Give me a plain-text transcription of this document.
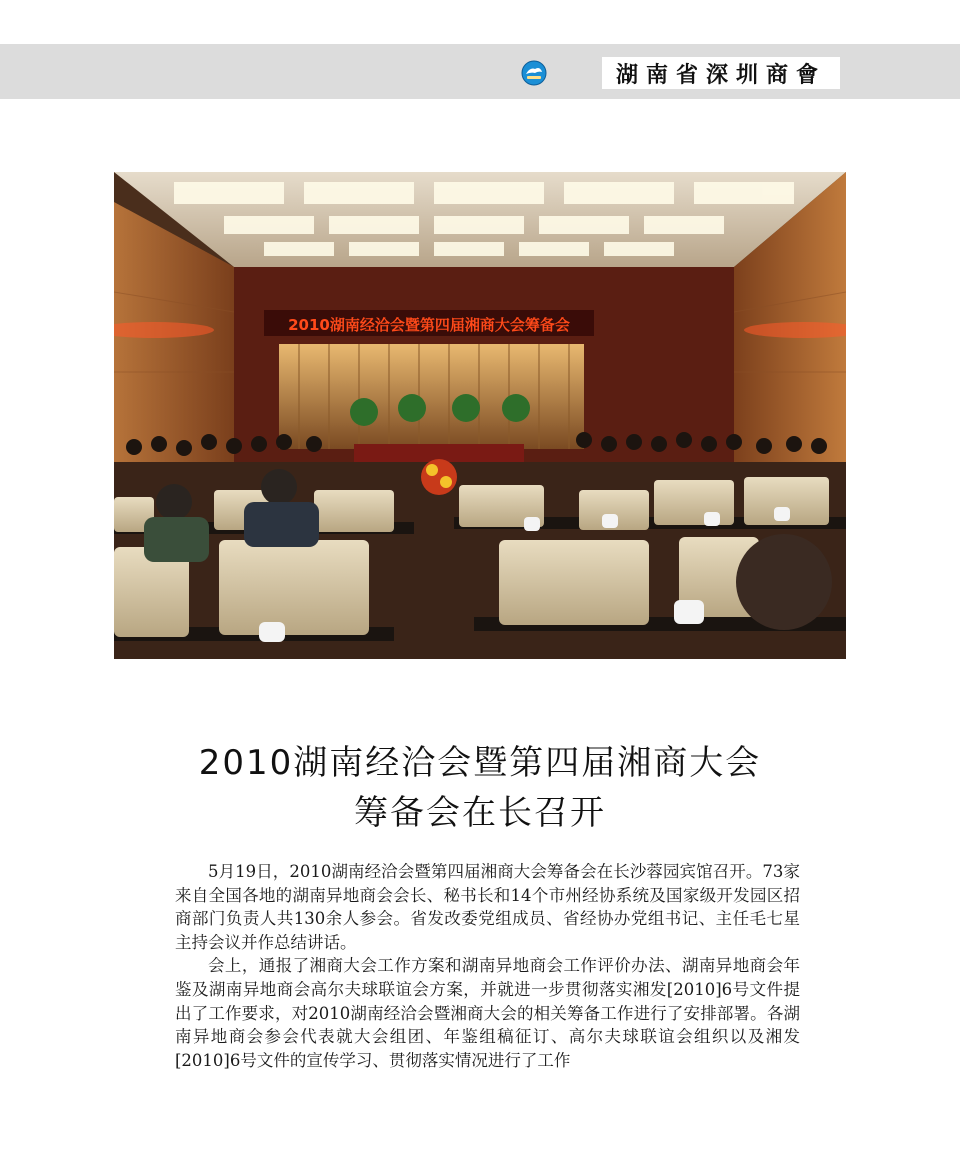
湖南省深圳商會
2010湖南经洽会暨第四届湘商大会筹备会
2010湖南经洽会暨第四届湘商大会
筹备会在长召开

5月19日，2010湖南经洽会暨第四届湘商大会筹备会在长沙蓉园宾馆召开。73家来自全国各地的湖南异地商会会长、秘书长和14个市州经协系统及国家级开发园区招商部门负责人共130余人参会。省发改委党组成员、省经协办党组书记、主任毛七星主持会议并作总结讲话。

会上，通报了湘商大会工作方案和湖南异地商会工作评价办法、湖南异地商会年鉴及湖南异地商会高尔夫球联谊会方案，并就进一步贯彻落实湘发[2010]6号文件提出了工作要求，对2010湖南经洽会暨湘商大会的相关筹备工作进行了安排部署。各湖南异地商会参会代表就大会组团、年鉴组稿征订、高尔夫球联谊会组织以及湘发[2010]6号文件的宣传学习、贯彻落实情况进行了工作
